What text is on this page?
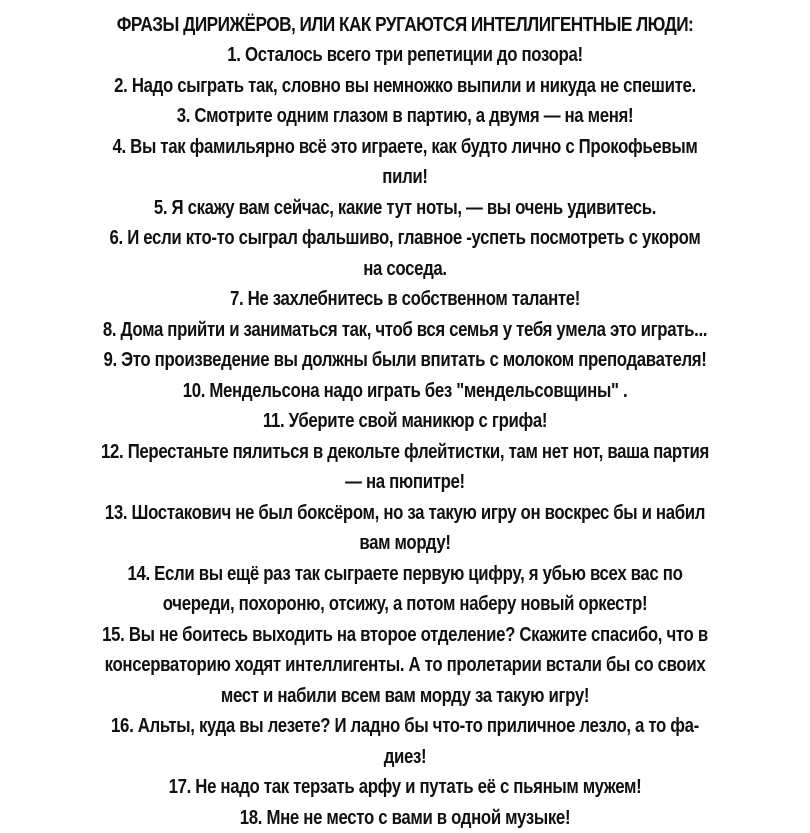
ФРАЗЫ ДИРИЖЁРОВ, ИЛИ КАК РУГАЮТСЯ ИНТЕЛЛИГЕНТНЫЕ ЛЮДИ:
1. Осталось всего три репетиции до позора!
2. Надо сыграть так, словно вы немножко выпили и никуда не спешите.
3. Смотрите одним глазом в партию, а двумя — на меня!
4. Вы так фамильярно всё это играете, как будто лично с Прокофьевым
пили!
5. Я скажу вам сейчас, какие тут ноты, — вы очень удивитесь.
6. И если кто-то сыграл фальшиво, главное -успеть посмотреть с укором
на соседа.
7. Не захлебнитесь в собственном таланте!
8. Дома прийти и заниматься так, чтоб вся семья у тебя умела это играть...
9. Это произведение вы должны были впитать с молоком преподавателя!
10. Мендельсона надо играть без "мендельсовщины" .
11. Уберите свой маникюр с грифа!
12. Перестаньте пялиться в декольте флейтистки, там нет нот, ваша партия
— на пюпитре!
13. Шостакович не был боксёром, но за такую игру он воскрес бы и набил
вам морду!
14. Если вы ещё раз так сыграете первую цифру, я убью всех вас по
очереди, похороню, отсижу, а потом наберу новый оркестр!
15. Вы не боитесь выходить на второе отделение? Скажите спасибо, что в
консерваторию ходят интеллигенты. А то пролетарии встали бы со своих
мест и набили всем вам морду за такую игру!
16. Альты, куда вы лезете? И ладно бы что-то приличное лезло, а то фа-
диез!
17. Не надо так терзать арфу и путать её с пьяным мужем!
18. Мне не место с вами в одной музыке!
